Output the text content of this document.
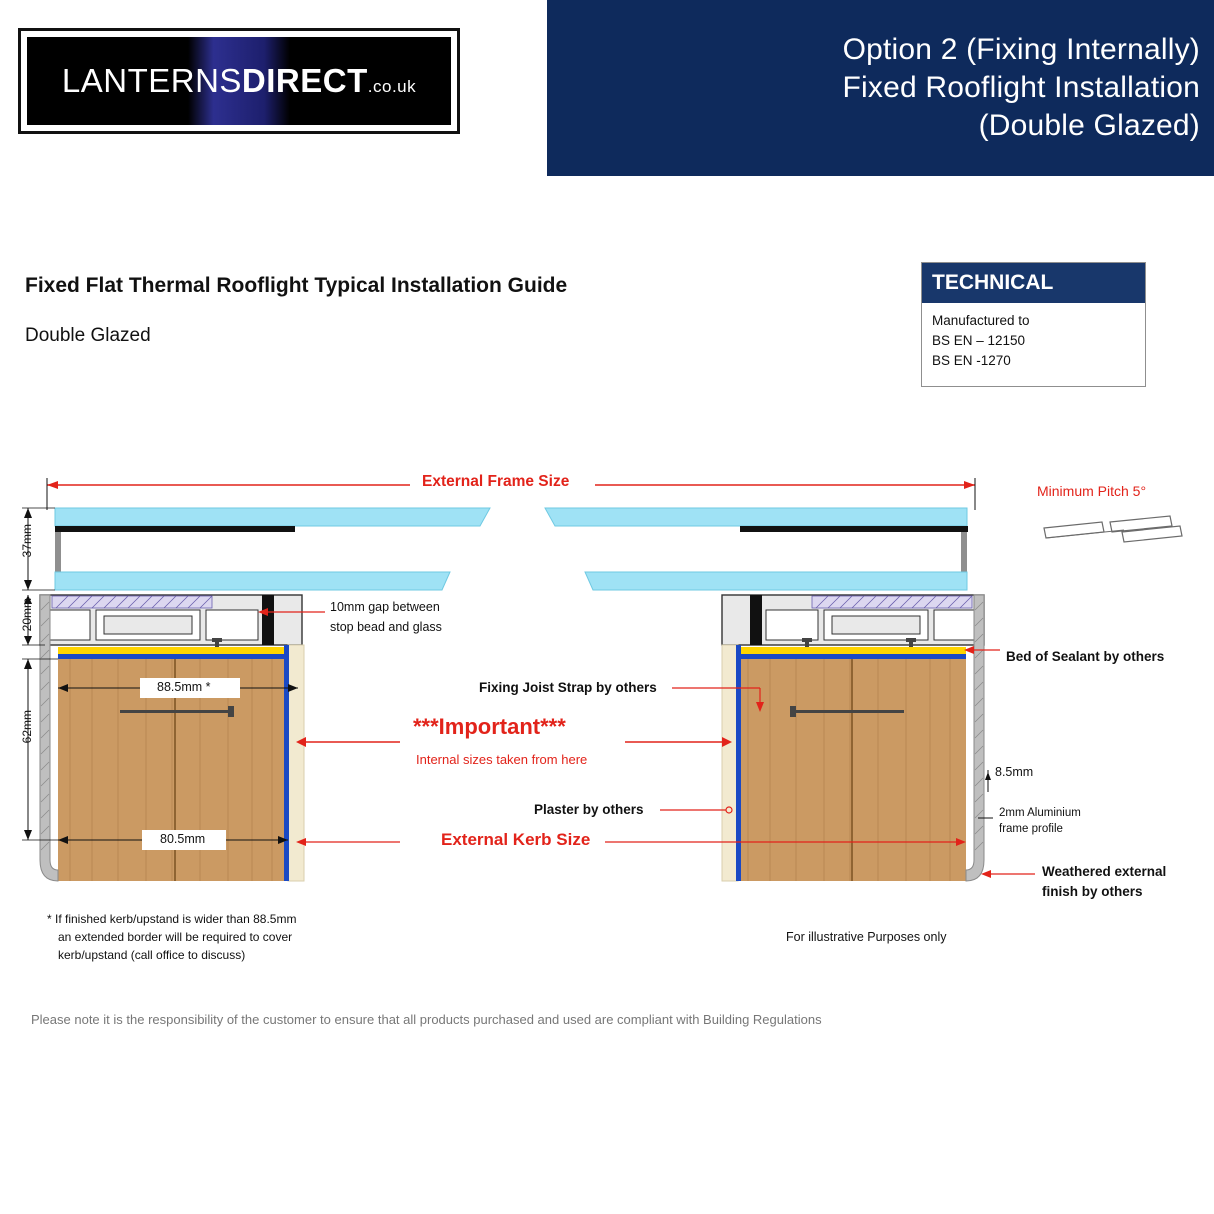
Option 2 (Fixing Internally)
Fixed Rooflight Installation
(Double Glazed)
LANTERNSDIRECT.co.uk
Fixed Flat Thermal Rooflight Typical Installation Guide
Double Glazed
TECHNICAL
Manufactured to
BS EN – 12150
BS EN -1270
External Frame Size
Minimum Pitch 5°
10mm gap between
stop bead and glass
Bed of Sealant by others
Fixing Joist Strap by others
***Important***
Internal sizes taken from here
Plaster by others
External Kerb Size
88.5mm *
80.5mm
8.5mm
2mm Aluminium
frame profile
Weathered external
finish by others
37mm
20mm
62mm
* If finished kerb/upstand is wider than 88.5mm
an extended border will be required to cover
kerb/upstand (call office to discuss)
For illustrative Purposes only
Please note it is the responsibility of the customer to ensure that all products purchased and used are compliant with Building Regulations
